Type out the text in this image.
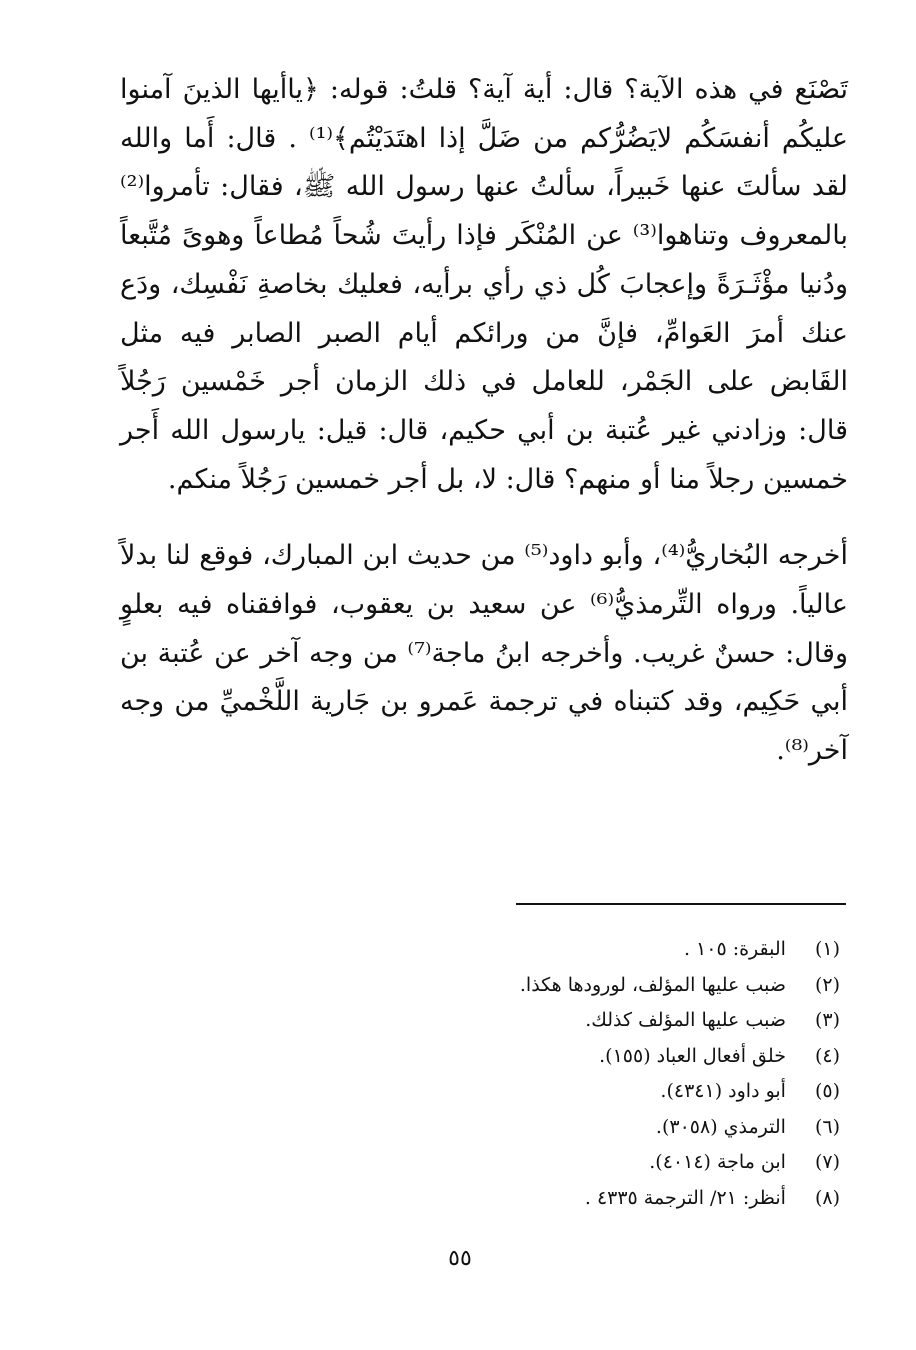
تَصْنَع في هذه الآية؟ قال: أية آية؟ قلتُ: قوله: ﴿ياأيها الذينَ آمنوا عليكُم أنفسَكُم لايَضُرُّكم من ضَلَّ إذا اهتَدَيْتُم﴾⁽¹⁾ . قال: أَما والله لقد سألتَ عنها خَبيراً، سألتُ عنها رسول الله ﷺ، فقال: تأمروا⁽²⁾ بالمعروف وتناهوا⁽³⁾ عن المُنْكَر فإذا رأيتَ شُحاً مُطاعاً وهوىً مُتَّبعاً ودُنيا مؤْثَـرَةً وإعجابَ كُل ذي رأي برأيه، فعليك بخاصةِ نَفْسِك، ودَع عنك أمرَ العَوامِّ، فإنَّ من ورائكم أيام الصبر الصابر فيه مثل القَابض على الجَمْر، للعامل في ذلك الزمان أجر خَمْسين رَجُلاً قال: وزادني غير عُتبة بن أبي حكيم، قال: قيل: يارسول الله أَجر خمسين رجلاً منا أو منهم؟ قال: لا، بل أجر خمسين رَجُلاً منكم.

أخرجه البُخاريُّ⁽⁴⁾، وأبو داود⁽⁵⁾ من حديث ابن المبارك، فوقع لنا بدلاً عالياً. ورواه التِّرمذيُّ⁽⁶⁾ عن سعيد بن يعقوب، فوافقناه فيه بعلوٍ وقال: حسنٌ غريب. وأخرجه ابنُ ماجة⁽⁷⁾ من وجه آخر عن عُتبة بن أبي حَكِيم، وقد كتبناه في ترجمة عَمرو بن جَارية اللَّخْميِّ من وجه آخر⁽⁸⁾.

(١) البقرة: ١٠٥ .
(٢) ضبب عليها المؤلف، لورودها هكذا.
(٣) ضبب عليها المؤلف كذلك.
(٤) خلق أفعال العباد (١٥٥).
(٥) أبو داود (٤٣٤١).
(٦) الترمذي (٣٠٥٨).
(٧) ابن ماجة (٤٠١٤).
(٨) أنظر: ٢١/ الترجمة ٤٣٣٥ .
٥٥
